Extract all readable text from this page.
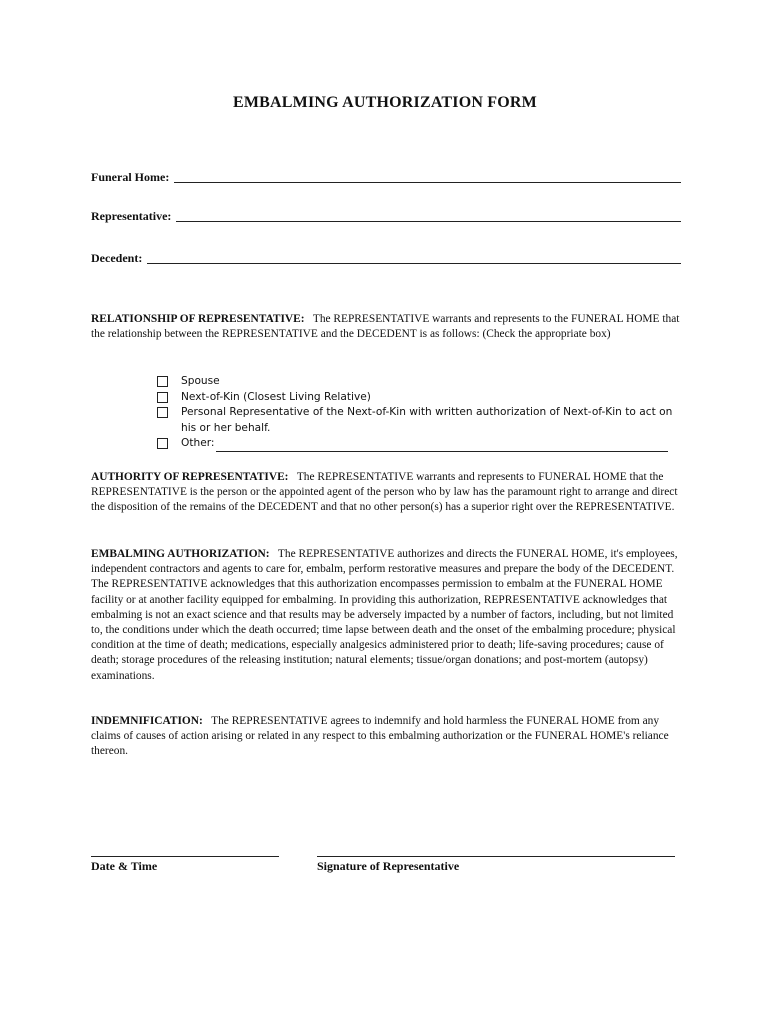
EMBALMING AUTHORIZATION FORM
Funeral Home:
Representative:
Decedent:
RELATIONSHIP OF REPRESENTATIVE: The REPRESENTATIVE warrants and represents to the FUNERAL HOME that the relationship between the REPRESENTATIVE and the DECEDENT is as follows: (Check the appropriate box)
Spouse
Next-of-Kin (Closest Living Relative)
Personal Representative of the Next-of-Kin with written authorization of Next-of-Kin to act on his or her behalf.
Other:
AUTHORITY OF REPRESENTATIVE: The REPRESENTATIVE warrants and represents to FUNERAL HOME that the REPRESENTATIVE is the person or the appointed agent of the person who by law has the paramount right to arrange and direct the disposition of the remains of the DECEDENT and that no other person(s) has a superior right over the REPRESENTATIVE.
EMBALMING AUTHORIZATION: The REPRESENTATIVE authorizes and directs the FUNERAL HOME, it's employees, independent contractors and agents to care for, embalm, perform restorative measures and prepare the body of the DECEDENT. The REPRESENTATIVE acknowledges that this authorization encompasses permission to embalm at the FUNERAL HOME facility or at another facility equipped for embalming. In providing this authorization, REPRESENTATIVE acknowledges that embalming is not an exact science and that results may be adversely impacted by a number of factors, including, but not limited to, the conditions under which the death occurred; time lapse between death and the onset of the embalming procedure; physical condition at the time of death; medications, especially analgesics administered prior to death; life-saving procedures; cause of death; storage procedures of the releasing institution; natural elements; tissue/organ donations; and post-mortem (autopsy) examinations.
INDEMNIFICATION: The REPRESENTATIVE agrees to indemnify and hold harmless the FUNERAL HOME from any claims of causes of action arising or related in any respect to this embalming authorization or the FUNERAL HOME's reliance thereon.
Date & Time	Signature of Representative
